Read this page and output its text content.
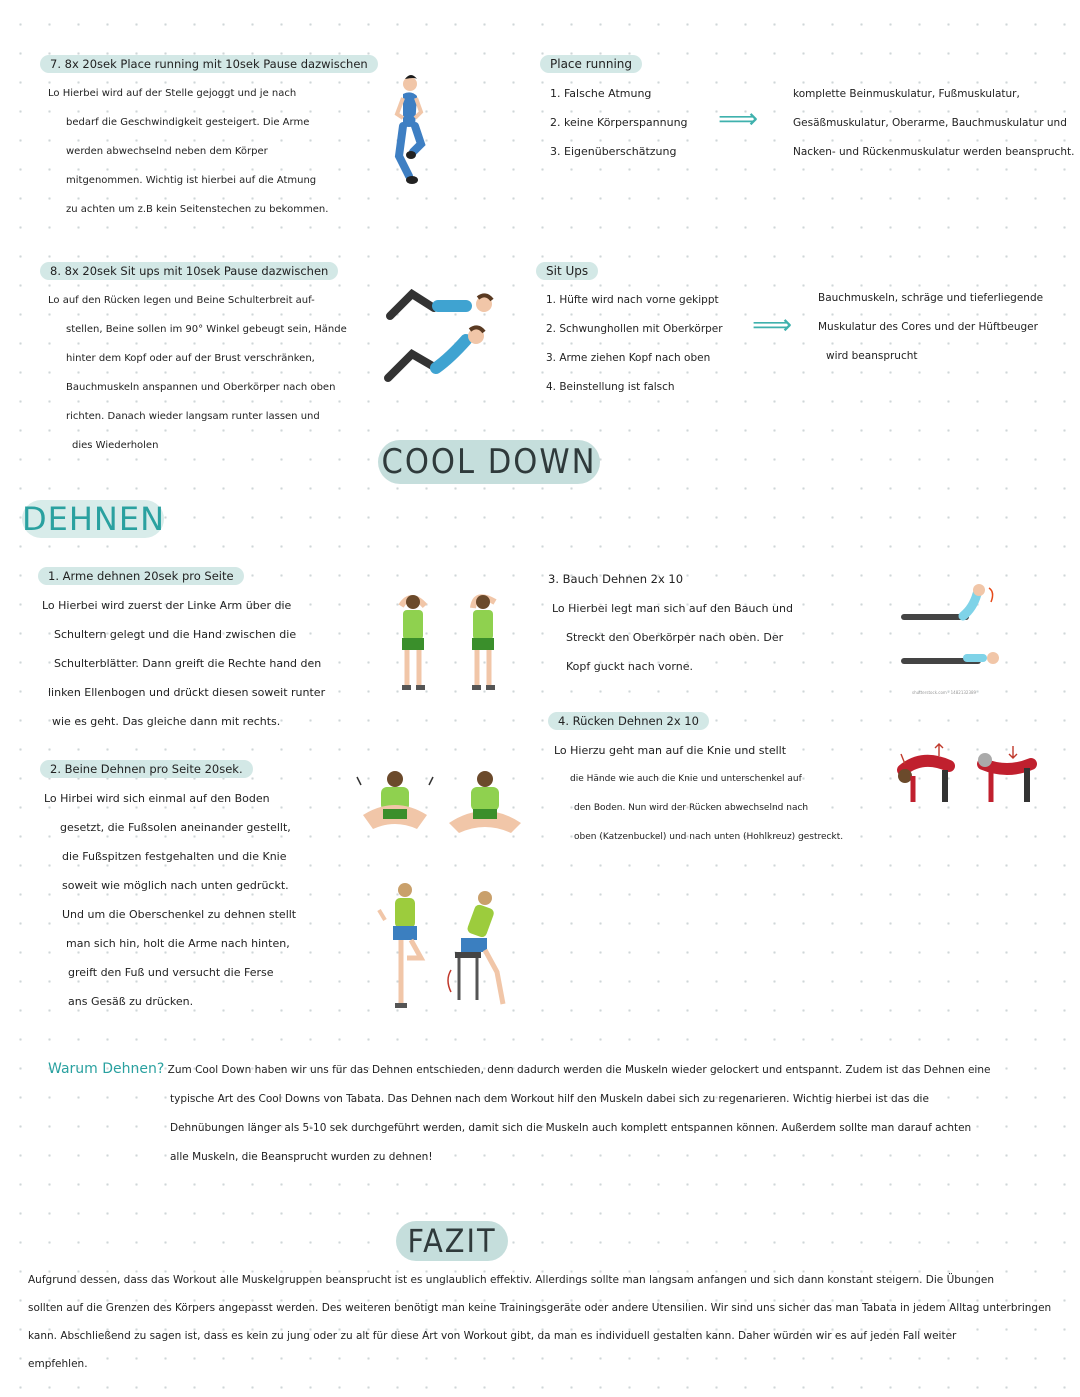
7. 8x 20sek Place running mit 10sek Pause dazwischen
Lo Hierbei wird auf der Stelle gejoggt und je nach
bedarf die Geschwindigkeit gesteigert. Die Arme
werden abwechselnd neben dem Körper
mitgenommen. Wichtig ist hierbei auf die Atmung
zu achten um z.B kein Seitenstechen zu bekommen.
Place running
1. Falsche Atmung
2. keine Körperspannung
3. Eigenüberschätzung
⟹
komplette Beinmuskulatur, Fußmuskulatur,
Gesäßmuskulatur, Oberarme, Bauchmuskulatur und
Nacken- und Rückenmuskulatur werden beansprucht.
8. 8x 20sek Sit ups mit 10sek Pause dazwischen
Lo auf den Rücken legen und Beine Schulterbreit auf-
stellen, Beine sollen im 90° Winkel gebeugt sein, Hände
hinter dem Kopf oder auf der Brust verschränken,
Bauchmuskeln anspannen und Oberkörper nach oben
richten. Danach wieder langsam runter lassen und
dies Wiederholen
Sit Ups
1. Hüfte wird nach vorne gekippt
2. Schwunghollen mit Oberkörper
3. Arme ziehen Kopf nach oben
4. Beinstellung ist falsch
⟹
Bauchmuskeln, schräge und tieferliegende
Muskulatur des Cores und der Hüftbeuger
wird beansprucht
COOL DOWN
DEHNEN
1. Arme dehnen 20sek pro Seite
Lo Hierbei wird zuerst der Linke Arm über die
Schultern gelegt und die Hand zwischen die
Schulterblätter. Dann greift die Rechte hand den
linken Ellenbogen und drückt diesen soweit runter
wie es geht. Das gleiche dann mit rechts.
2. Beine Dehnen pro Seite 20sek.
Lo Hirbei wird sich einmal auf den Boden
gesetzt, die Fußsolen aneinander gestellt,
die Fußspitzen festgehalten und die Knie
soweit wie möglich nach unten gedrückt.
Und um die Oberschenkel zu dehnen stellt
man sich hin, holt die Arme nach hinten,
greift den Fuß und versucht die Ferse
ans Gesäß zu drücken.
3. Bauch Dehnen 2x 10
Lo Hierbei legt man sich auf den Bauch und
Streckt den Oberkörper nach oben. Der
Kopf guckt nach vorne.
shutterstock.com · 1482132389
4. Rücken Dehnen 2x 10
Lo Hierzu geht man auf die Knie und stellt
die Hände wie auch die Knie und unterschenkel auf
den Boden. Nun wird der Rücken abwechselnd nach
oben (Katzenbuckel) und nach unten (Hohlkreuz) gestreckt.
Warum Dehnen? Zum Cool Down haben wir uns für das Dehnen entschieden, denn dadurch werden die Muskeln wieder gelockert und entspannt. Zudem ist das Dehnen eine
typische Art des Cool Downs von Tabata. Das Dehnen nach dem Workout hilf den Muskeln dabei sich zu regenarieren. Wichtig hierbei ist das die
Dehnübungen länger als 5-10 sek durchgeführt werden, damit sich die Muskeln auch komplett entspannen können. Außerdem sollte man darauf achten
alle Muskeln, die Beansprucht wurden zu dehnen!
FAZIT
Aufgrund dessen, dass das Workout alle Muskelgruppen beansprucht ist es unglaublich effektiv. Allerdings sollte man langsam anfangen und sich dann konstant steigern. Die Übungen
sollten auf die Grenzen des Körpers angepasst werden. Des weiteren benötigt man keine Trainingsgeräte oder andere Utensilien. Wir sind uns sicher das man Tabata in jedem Alltag unterbringen
kann. Abschließend zu sagen ist, dass es kein zu jung oder zu alt für diese Art von Workout gibt, da man es individuell gestalten kann. Daher würden wir es auf jeden Fall weiter
empfehlen.
